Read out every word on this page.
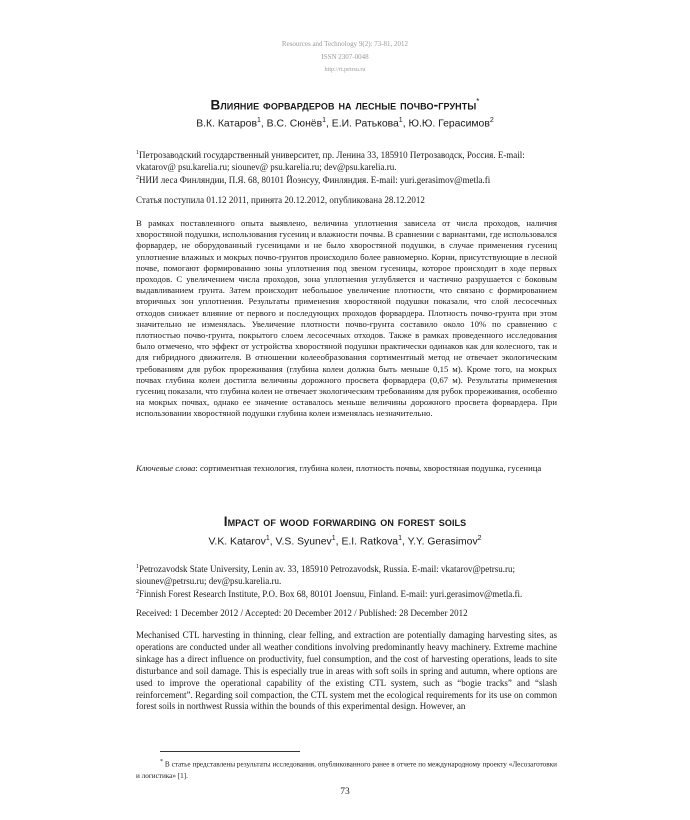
Resources and Technology 9(2): 73-81, 2012
ISSN 2307-0048
http://rt.petrsu.ru
Влияние форвардеров на лесные почво-грунты*
В.К. Катаров$^1$, В.С. Сюнёв$^1$, Е.И. Ратькова$^1$, Ю.Ю. Герасимов$^2$

$^1$Петрозаводский государственный университет, пр. Ленина 33, 185910 Петрозаводск, Россия. E-mail: vkatarov@ psu.karelia.ru; siounev@ psu.karelia.ru; dev@psu.karelia.ru.

$^2$НИИ леса Финляндии, П.Я. 68, 80101 Йоэнсуу, Финляндия. E-mail: yuri.gerasimov@metla.fi

Статья поступила 01.12 2011, принята 20.12.2012, опубликована 28.12.2012
В рамках поставленного опыта выявлено, величина уплотнения зависела от числа проходов, наличия хворостяной подушки, использования гусениц и влажности почвы. В сравнении с вариантами, где использовался форвардер, не оборудованный гусеницами и не было хворостяной подушки, в случае применения гусениц уплотнение влажных и мокрых почво-грунтов происходило более равномерно. Корни, присутствующие в лесной почве, помогают формированию зоны уплотнения под звеном гусеницы, которое происходит в ходе первых проходов. С увеличением числа проходов, зона уплотнения углубляется и частично разрушается с боковым выдавливанием грунта. Затем происходит небольшое увеличение плотности, что связано с формированием вторичных зон уплотнения. Результаты применения хворостяной подушки показали, что слой лесосечных отходов снижает влияние от первого и последующих проходов форвардера. Плотность почво-грунта при этом значительно не изменялась. Увеличение плотности почво-грунта составило около 10% по сравнению с плотностью почво-грунта, покрытого слоем лесосечных отходов. Также в рамках проведенного исследования было отмечено, что эффект от устройства хворостяной подушки практически одинаков как для колесного, так и для гибридного движителя. В отношении колееобразования сортиментный метод не отвечает экологическим требованиям для рубок прореживания (глубина колеи должна быть меньше 0,15 м). Кроме того, на мокрых почвах глубина колеи достигла величины дорожного просвета форвардера (0,67 м). Результаты применения гусениц показали, что глубина колеи не отвечает экологическим требованиям для рубок прореживания, особенно на мокрых почвах, однако ее значение оставалось меньше величины дорожного просвета форвардера. При использовании хворостяной подушки глубина колеи изменялась незначительно.
Ключевые слова: сортиментная технология, глубина колеи, плотность почвы, хворостяная подушка, гусеница
Impact of wood forwarding on forest soils
V.K. Katarov$^1$, V.S. Syunev$^1$, E.I. Ratkova$^1$, Y.Y. Gerasimov$^2$

$^1$Petrozavodsk State University, Lenin av. 33, 185910 Petrozavodsk, Russia. E-mail: vkatarov@petrsu.ru; siounev@petrsu.ru; dev@psu.karelia.ru.

$^2$Finnish Forest Research Institute, P.O. Box 68, 80101 Joensuu, Finland. E-mail: yuri.gerasimov@metla.fi.

Received: 1 December 2012 / Accepted: 20 December 2012 / Published: 28 December 2012
Mechanised CTL harvesting in thinning, clear felling, and extraction are potentially damaging harvesting sites, as operations are conducted under all weather conditions involving predominantly heavy machinery. Extreme machine sinkage has a direct influence on productivity, fuel consumption, and the cost of harvesting operations, leads to site disturbance and soil damage. This is especially true in areas with soft soils in spring and autumn, where options are used to improve the operational capability of the existing CTL system, such as “bogie tracks” and “slash reinforcement”. Regarding soil compaction, the CTL system met the ecological requirements for its use on common forest soils in northwest Russia within the bounds of this experimental design. However, an
* В статье представлены результаты исследования, опубликованного ранее в отчете по международному проекту «Лесозаготовки и логистика» [1].
73
